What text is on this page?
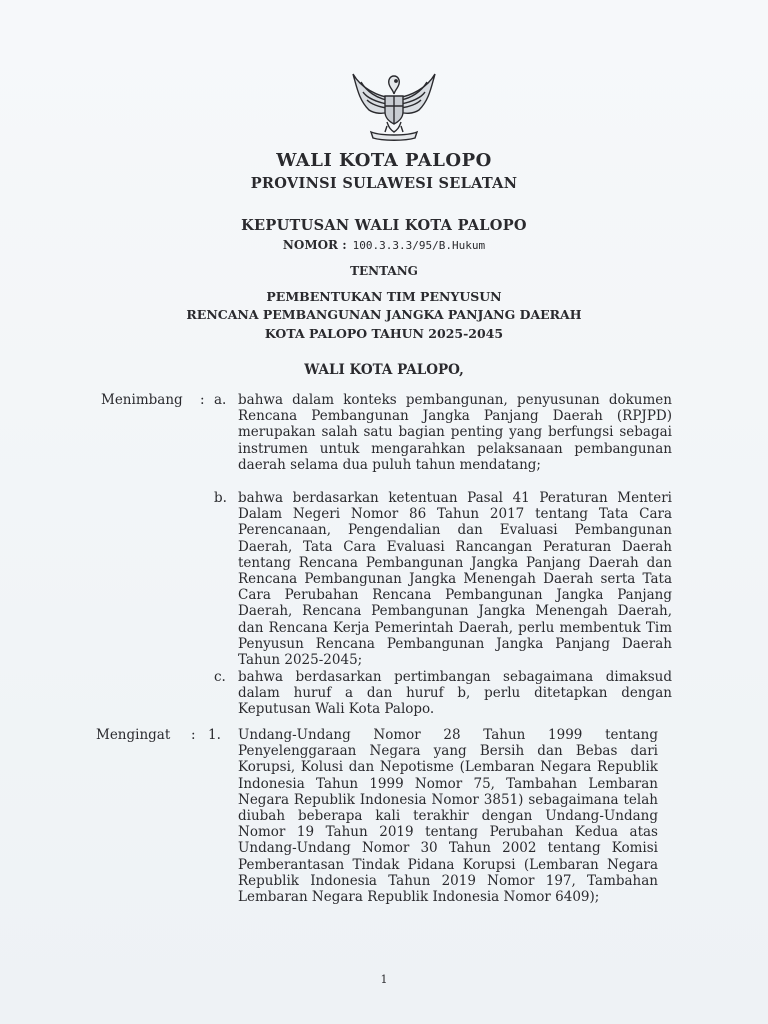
WALI KOTA PALOPO
PROVINSI SULAWESI SELATAN
KEPUTUSAN WALI KOTA PALOPO
NOMOR : 100.3.3.3/95/B.Hukum
TENTANG
PEMBENTUKAN TIM PENYUSUN
RENCANA PEMBANGUNAN JANGKA PANJANG DAERAH
KOTA PALOPO TAHUN 2025-2045
WALI KOTA PALOPO,
Menimbang : a. bahwa dalam konteks pembangunan, penyusunan dokumen Rencana Pembangunan Jangka Panjang Daerah (RPJPD) merupakan salah satu bagian penting yang berfungsi sebagai instrumen untuk mengarahkan pelaksanaan pembangunan daerah selama dua puluh tahun mendatang;
b. bahwa berdasarkan ketentuan Pasal 41 Peraturan Menteri Dalam Negeri Nomor 86 Tahun 2017 tentang Tata Cara Perencanaan, Pengendalian dan Evaluasi Pembangunan Daerah, Tata Cara Evaluasi Rancangan Peraturan Daerah tentang Rencana Pembangunan Jangka Panjang Daerah dan Rencana Pembangunan Jangka Menengah Daerah serta Tata Cara Perubahan Rencana Pembangunan Jangka Panjang Daerah, Rencana Pembangunan Jangka Menengah Daerah, dan Rencana Kerja Pemerintah Daerah, perlu membentuk Tim Penyusun Rencana Pembangunan Jangka Panjang Daerah Tahun 2025-2045;
c. bahwa berdasarkan pertimbangan sebagaimana dimaksud dalam huruf a dan huruf b, perlu ditetapkan dengan Keputusan Wali Kota Palopo.
Mengingat : 1. Undang-Undang Nomor 28 Tahun 1999 tentang Penyelenggaraan Negara yang Bersih dan Bebas dari Korupsi, Kolusi dan Nepotisme (Lembaran Negara Republik Indonesia Tahun 1999 Nomor 75, Tambahan Lembaran Negara Republik Indonesia Nomor 3851) sebagaimana telah diubah beberapa kali terakhir dengan Undang-Undang Nomor 19 Tahun 2019 tentang Perubahan Kedua atas Undang-Undang Nomor 30 Tahun 2002 tentang Komisi Pemberantasan Tindak Pidana Korupsi (Lembaran Negara Republik Indonesia Tahun 2019 Nomor 197, Tambahan Lembaran Negara Republik Indonesia Nomor 6409);
1
